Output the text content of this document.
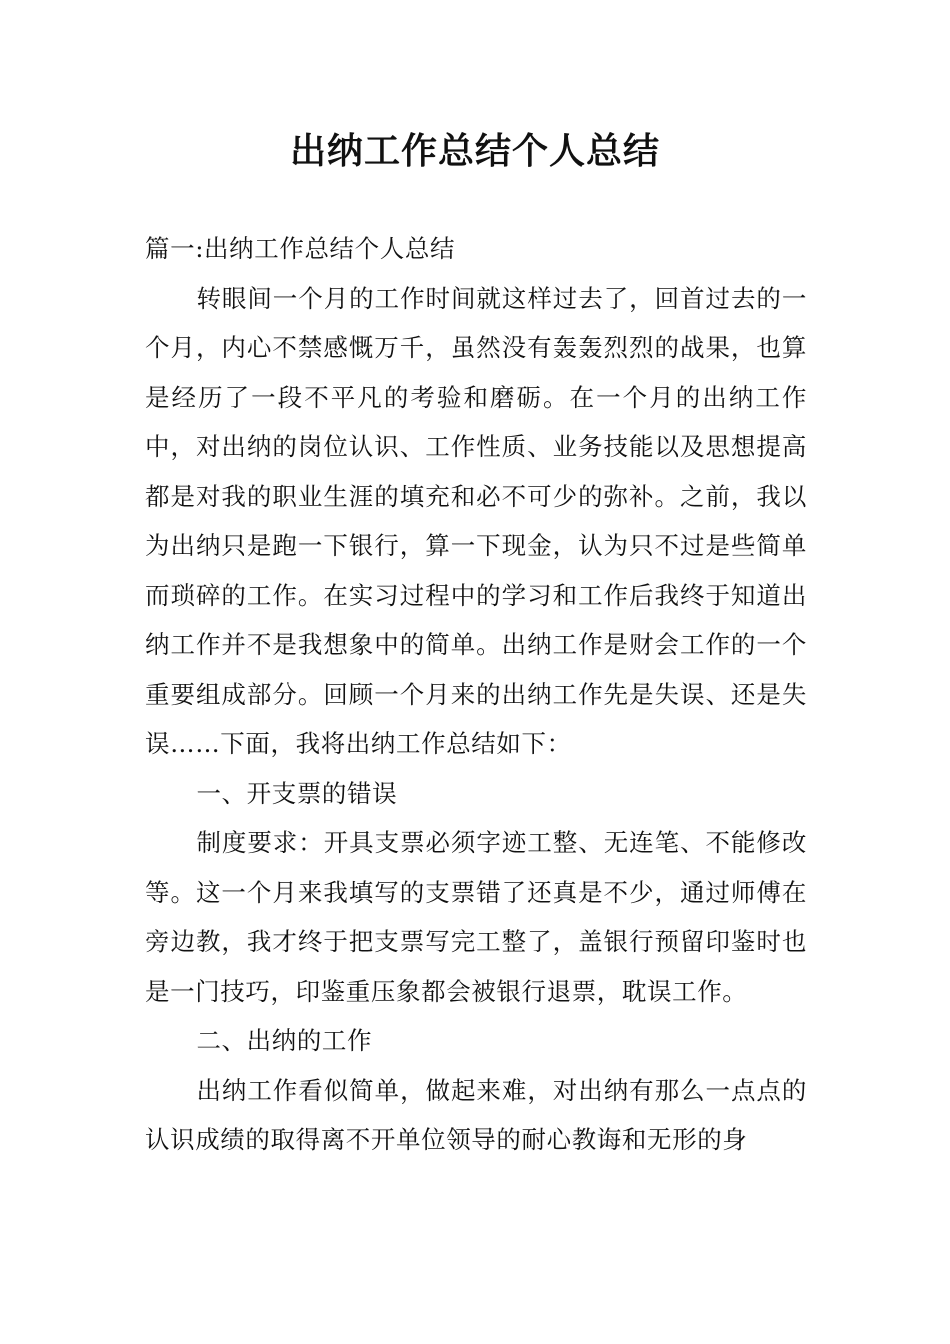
出纳工作总结个人总结

篇一:出纳工作总结个人总结

转眼间一个月的工作时间就这样过去了，回首过去的一个月，内心不禁感慨万千，虽然没有轰轰烈烈的战果，也算是经历了一段不平凡的考验和磨砺。在一个月的出纳工作中，对出纳的岗位认识、工作性质、业务技能以及思想提高都是对我的职业生涯的填充和必不可少的弥补。之前，我以为出纳只是跑一下银行，算一下现金，认为只不过是些简单而琐碎的工作。在实习过程中的学习和工作后我终于知道出纳工作并不是我想象中的简单。出纳工作是财会工作的一个重要组成部分。回顾一个月来的出纳工作先是失误、还是失误……下面，我将出纳工作总结如下：

一、开支票的错误

制度要求：开具支票必须字迹工整、无连笔、不能修改等。这一个月来我填写的支票错了还真是不少，通过师傅在旁边教，我才终于把支票写完工整了，盖银行预留印鉴时也是一门技巧，印鉴重压象都会被银行退票，耽误工作。

二、出纳的工作

出纳工作看似简单，做起来难，对出纳有那么一点点的认识成绩的取得离不开单位领导的耐心教诲和无形的身
